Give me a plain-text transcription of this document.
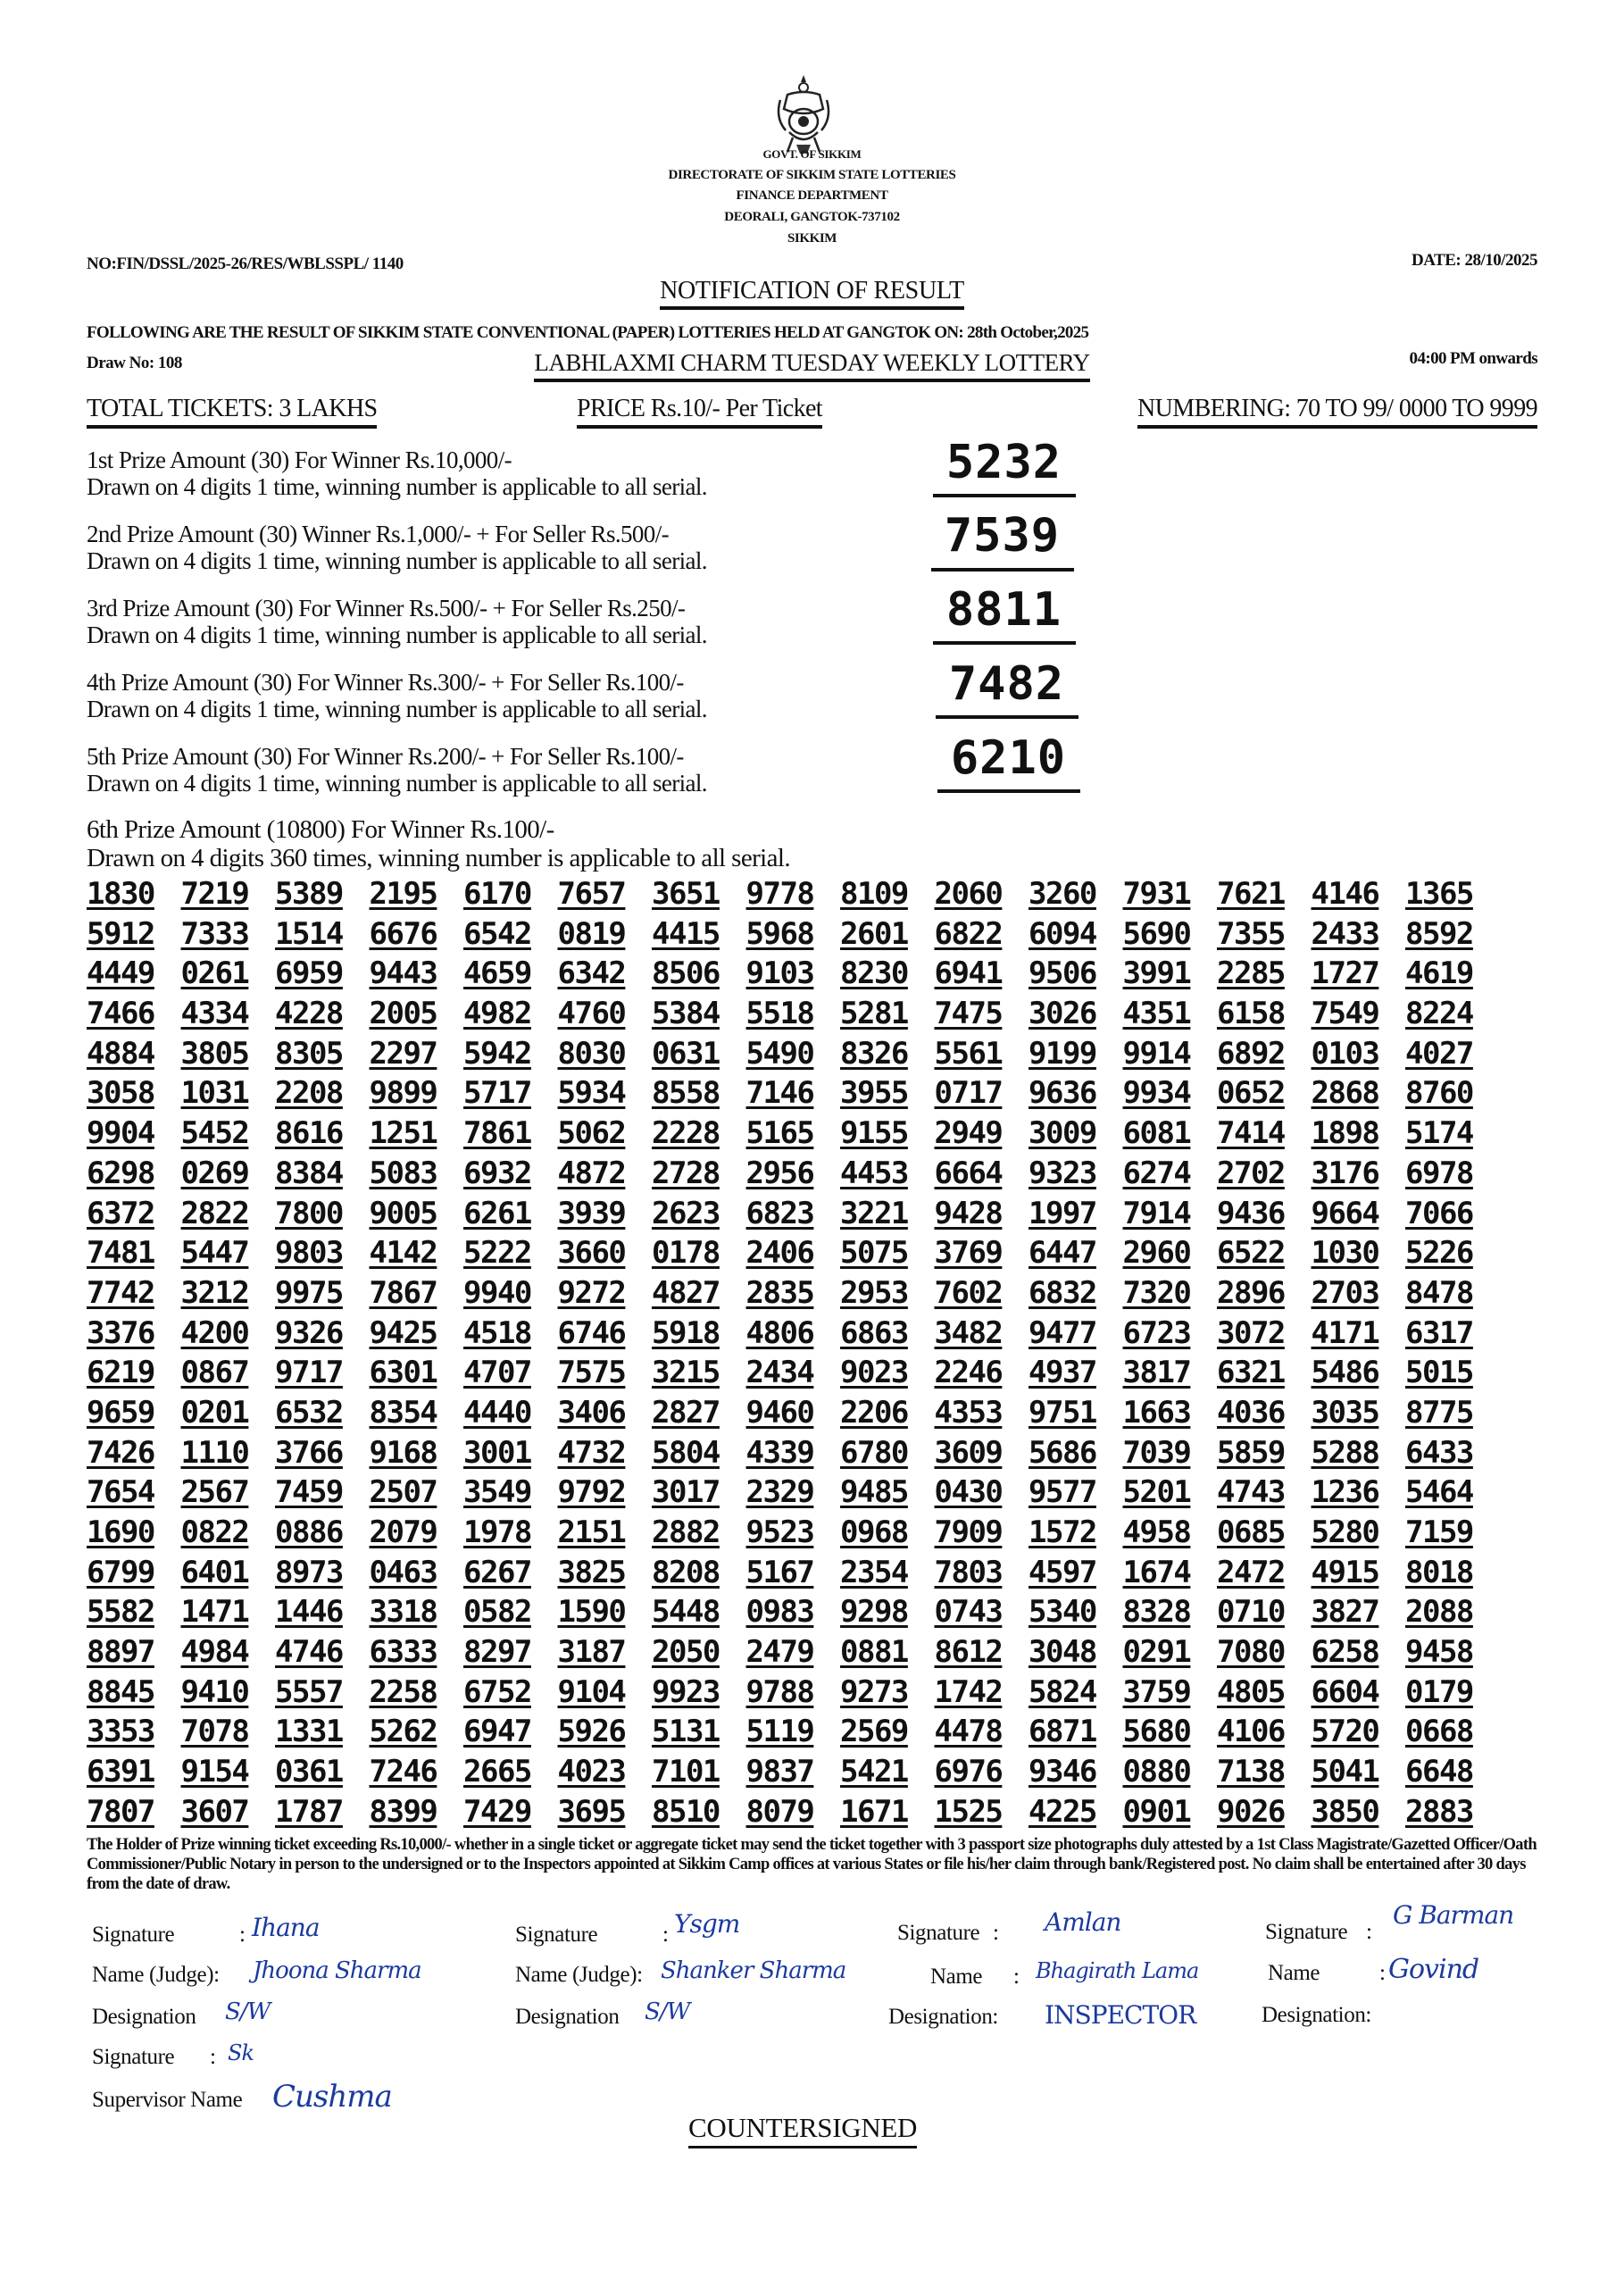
GOVT. OF SIKKIM
DIRECTORATE OF SIKKIM STATE LOTTERIES
FINANCE DEPARTMENT
DEORALI, GANGTOK-737102
SIKKIM
NO:FIN/DSSL/2025-26/RES/WBLSSPL/ 1140	DATE: 28/10/2025
NOTIFICATION OF RESULT
FOLLOWING ARE THE RESULT OF SIKKIM STATE CONVENTIONAL (PAPER) LOTTERIES HELD AT GANGTOK ON: 28th October,2025
Draw No: 108	LABHLAXMI CHARM TUESDAY WEEKLY LOTTERY	04:00 PM onwards
TOTAL TICKETS: 3 LAKHS	PRICE Rs.10/- Per Ticket	NUMBERING: 70 TO 99/ 0000 TO 9999
1st Prize Amount (30) For Winner Rs.10,000/-
Drawn on 4 digits 1 time, winning number is applicable to all serial.	5232
2nd Prize Amount (30) Winner Rs.1,000/- + For Seller Rs.500/-
Drawn on 4 digits 1 time, winning number is applicable to all serial.	7539
3rd Prize Amount (30) For Winner Rs.500/- + For Seller Rs.250/-
Drawn on 4 digits 1 time, winning number is applicable to all serial.	8811
4th Prize Amount (30) For Winner Rs.300/- + For Seller Rs.100/-
Drawn on 4 digits 1 time, winning number is applicable to all serial.	7482
5th Prize Amount (30) For Winner Rs.200/- + For Seller Rs.100/-
Drawn on 4 digits 1 time, winning number is applicable to all serial.	6210
6th Prize Amount (10800) For Winner Rs.100/-
Drawn on 4 digits 360 times, winning number is applicable to all serial.
1830 7219 5389 2195 6170 7657 3651 9778 8109 2060 3260 7931 7621 4146 1365
5912 7333 1514 6676 6542 0819 4415 5968 2601 6822 6094 5690 7355 2433 8592
4449 0261 6959 9443 4659 6342 8506 9103 8230 6941 9506 3991 2285 1727 4619
7466 4334 4228 2005 4982 4760 5384 5518 5281 7475 3026 4351 6158 7549 8224
4884 3805 8305 2297 5942 8030 0631 5490 8326 5561 9199 9914 6892 0103 4027
3058 1031 2208 9899 5717 5934 8558 7146 3955 0717 9636 9934 0652 2868 8760
9904 5452 8616 1251 7861 5062 2228 5165 9155 2949 3009 6081 7414 1898 5174
6298 0269 8384 5083 6932 4872 2728 2956 4453 6664 9323 6274 2702 3176 6978
6372 2822 7800 9005 6261 3939 2623 6823 3221 9428 1997 7914 9436 9664 7066
7481 5447 9803 4142 5222 3660 0178 2406 5075 3769 6447 2960 6522 1030 5226
7742 3212 9975 7867 9940 9272 4827 2835 2953 7602 6832 7320 2896 2703 8478
3376 4200 9326 9425 4518 6746 5918 4806 6863 3482 9477 6723 3072 4171 6317
6219 0867 9717 6301 4707 7575 3215 2434 9023 2246 4937 3817 6321 5486 5015
9659 0201 6532 8354 4440 3406 2827 9460 2206 4353 9751 1663 4036 3035 8775
7426 1110 3766 9168 3001 4732 5804 4339 6780 3609 5686 7039 5859 5288 6433
7654 2567 7459 2507 3549 9792 3017 2329 9485 0430 9577 5201 4743 1236 5464
1690 0822 0886 2079 1978 2151 2882 9523 0968 7909 1572 4958 0685 5280 7159
6799 6401 8973 0463 6267 3825 8208 5167 2354 7803 4597 1674 2472 4915 8018
5582 1471 1446 3318 0582 1590 5448 0983 9298 0743 5340 8328 0710 3827 2088
8897 4984 4746 6333 8297 3187 2050 2479 0881 8612 3048 0291 7080 6258 9458
8845 9410 5557 2258 6752 9104 9923 9788 9273 1742 5824 3759 4805 6604 0179
3353 7078 1331 5262 6947 5926 5131 5119 2569 4478 6871 5680 4106 5720 0668
6391 9154 0361 7246 2665 4023 7101 9837 5421 6976 9346 0880 7138 5041 6648
7807 3607 1787 8399 7429 3695 8510 8079 1671 1525 4225 0901 9026 3850 2883
The Holder of Prize winning ticket exceeding Rs.10,000/- whether in a single ticket or aggregate ticket may send the ticket together with 3 passport size photographs duly attested by a 1st Class Magistrate/Gazetted Officer/Oath Commissioner/Public Notary in person to the undersigned or to the Inspectors appointed at Sikkim Camp offices at various States or file his/her claim through bank/Registered post. No claim shall be entertained after 30 days from the date of draw.
Signature	: Ihana
Name (Judge): Jhoona Sharma
Designation S/W
Signature : Sk
Supervisor Name Cushma
Signature	: Ysgm
Name (Judge): Shanker Sharma
Designation S/W
Signature : Amlan
Name : Bhagirath Lama
Designation: INSPECTOR
Signature :
G Barman
Name	: Govind
Designation:
COUNTERSIGNED
